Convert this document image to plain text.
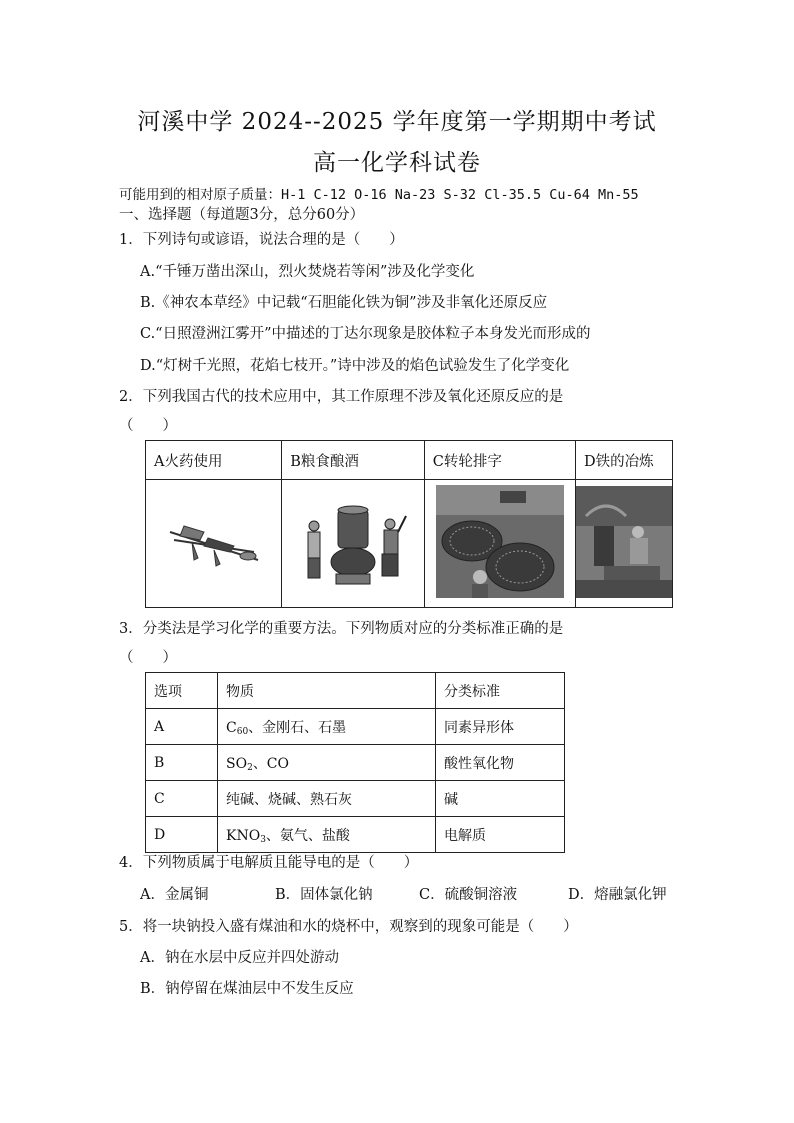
河溪中学 2024--2025 学年度第一学期期中考试
高一化学科试卷
可能用到的相对原子质量：H-1 C-12 O-16 Na-23 S-32 Cl-35.5 Cu-64 Mn-55
一、选择题（每道题3分，总分60分）
1．下列诗句或谚语，说法合理的是（　　）
A.“千锤万凿出深山，烈火焚烧若等闲”涉及化学变化
B.《神农本草经》中记载“石胆能化铁为铜”涉及非氧化还原反应
C.“日照澄洲江雾开”中描述的丁达尔现象是胶体粒子本身发光而形成的
D.“灯树千光照，花焰七枝开。”诗中涉及的焰色试验发生了化学变化
2．下列我国古代的技术应用中，其工作原理不涉及氧化还原反应的是
（　　）
A火药使用	B粮食酿酒	C转轮排字	D铁的冶炼

3．分类法是学习化学的重要方法。下列物质对应的分类标准正确的是
（　　）
选项	物质	分类标准
A	$C_{60}$、金刚石、石墨	同素异形体
B	$SO_2$、CO	酸性氧化物
C	纯碱、烧碱、熟石灰	碱
D	$KNO_3$、氨气、盐酸	电解质
4．下列物质属于电解质且能导电的是（　　）
A．金属铜	B．固体氯化钠	C．硫酸铜溶液	D．熔融氯化钾
5．将一块钠投入盛有煤油和水的烧杯中，观察到的现象可能是（　　）
A．钠在水层中反应并四处游动
B．钠停留在煤油层中不发生反应
